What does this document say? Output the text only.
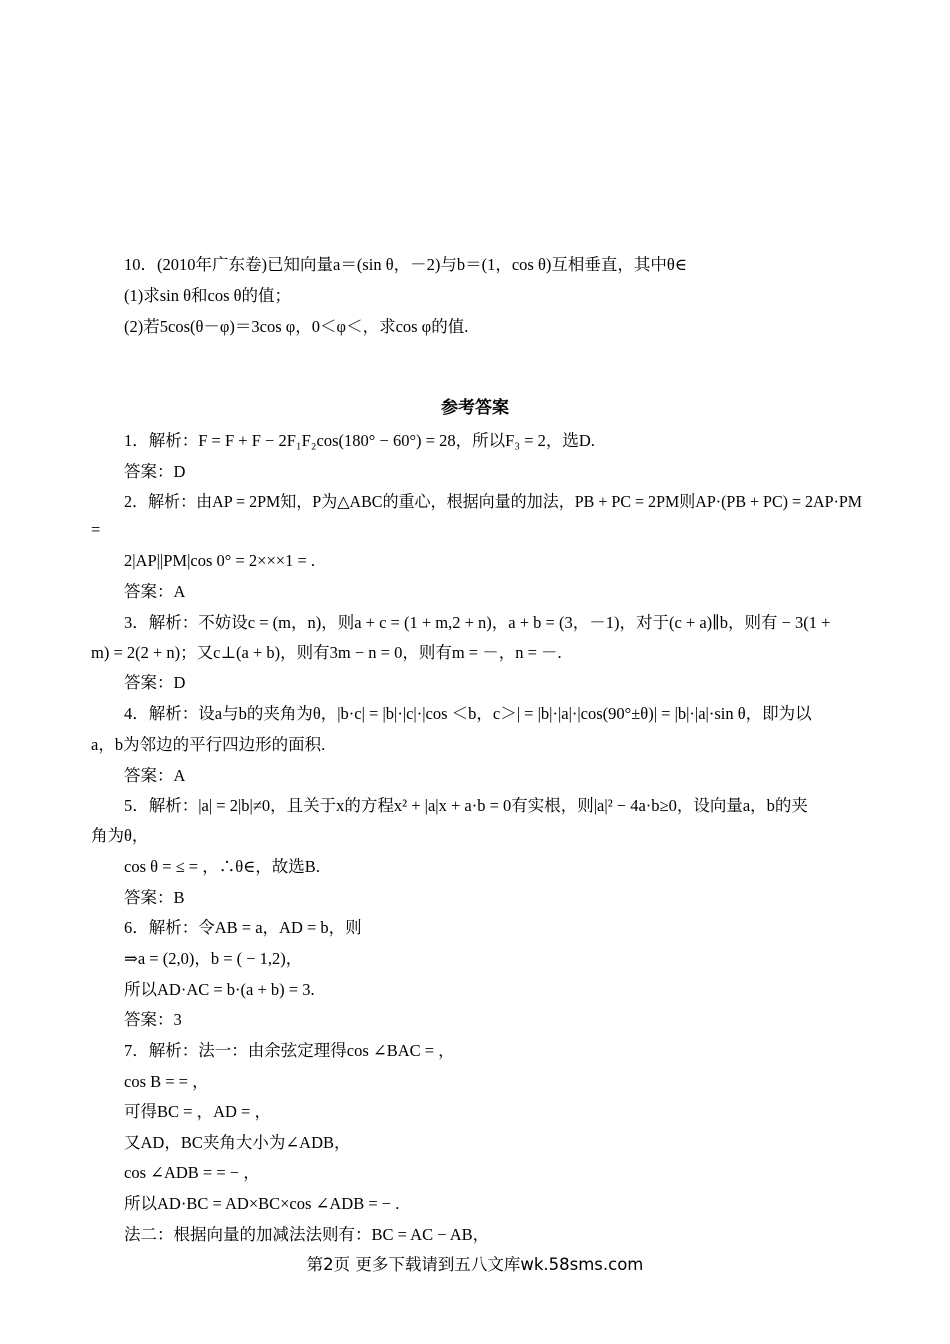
10．(2010年广东卷)已知向量a＝(sin θ，－2)与b＝(1，cos θ)互相垂直，其中θ∈
(1)求sin θ和cos θ的值；
(2)若5cos(θ－φ)＝3cos φ，0＜φ＜，求cos φ的值.
参考答案
1．解析：F = F + F − 2F₁F₂cos(180° − 60°) = 28，所以F₃ = 2，选D.
答案：D
2．解析：由AP = 2PM知，P为△ABC的重心，根据向量的加法，PB + PC = 2PM则AP·(PB + PC) = 2AP·PM
=
2|AP||PM|cos 0° = 2×××1 = .
答案：A
3．解析：不妨设c = (m，n)，则a + c = (1 + m,2 + n)，a + b = (3，－1)，对于(c + a)∥b，则有 − 3(1 +
m) = 2(2 + n)；又c⊥(a + b)，则有3m − n = 0，则有m = －，n = －.
答案：D
4．解析：设a与b的夹角为θ，|b·c| = |b|·|c|·|cos ＜b，c＞| = |b|·|a|·|cos(90°±θ)| = |b|·|a|·sin θ，即为以
a，b为邻边的平行四边形的面积.
答案：A
5．解析：|a| = 2|b|≠0，且关于x的方程x² + |a|x + a·b = 0有实根，则|a|² − 4a·b≥0，设向量a，b的夹
角为θ，
cos θ = ≤ = ，∴θ∈，故选B.
答案：B
6．解析：令AB = a，AD = b，则
⇒a = (2,0)，b = ( − 1,2)，
所以AD·AC = b·(a + b) = 3.
答案：3
7．解析：法一：由余弦定理得cos ∠BAC = ，
cos B = = ，
可得BC = ，AD = ，
又AD，BC夹角大小为∠ADB，
cos ∠ADB = = − ，
所以AD·BC = AD×BC×cos ∠ADB = − .
法二：根据向量的加减法法则有：BC = AC − AB，
第2页 更多下载请到五八文库wk.58sms.com
